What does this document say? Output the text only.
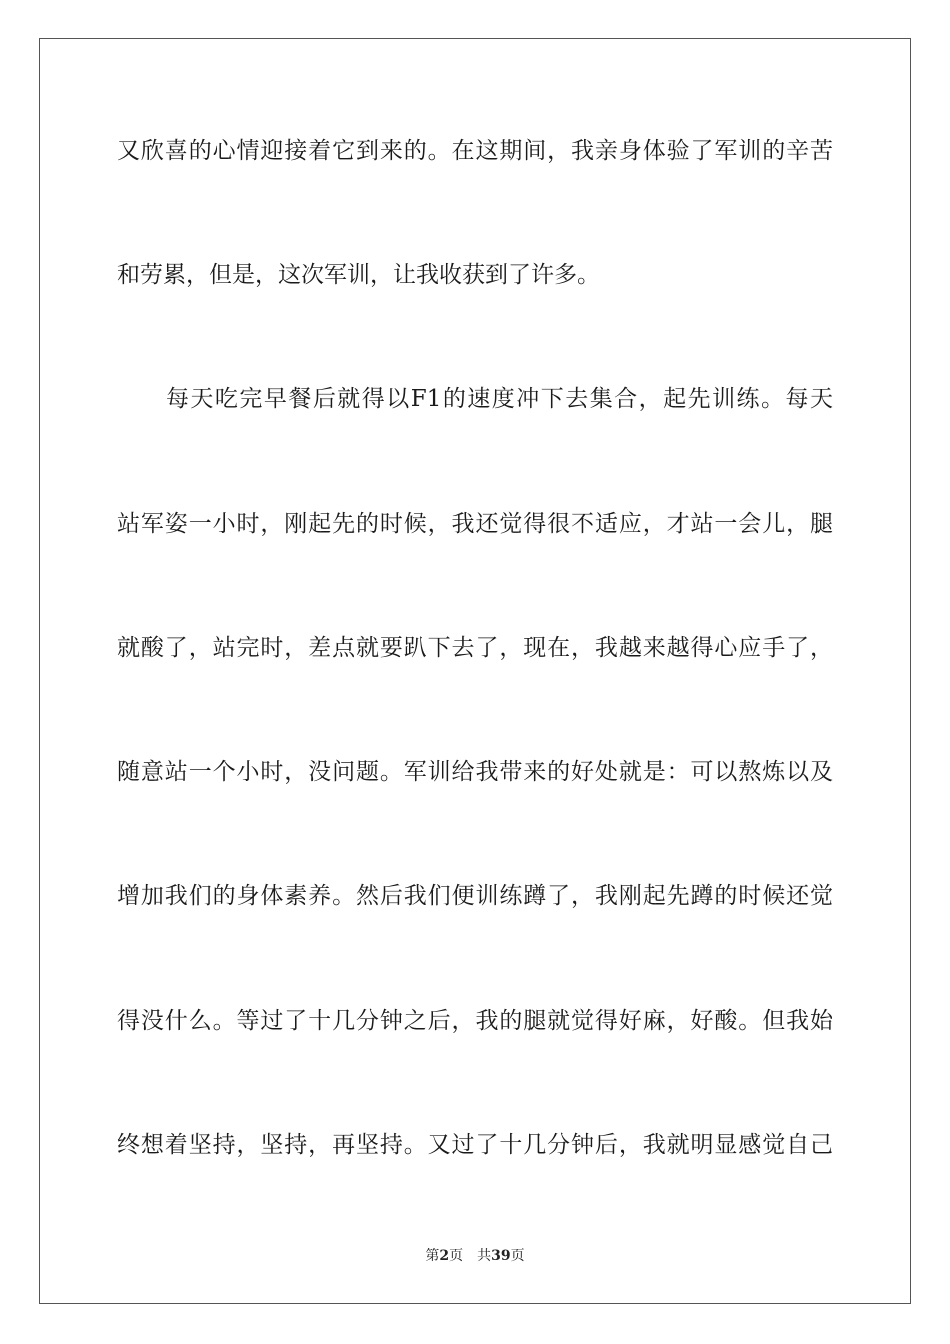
又欣喜的心情迎接着它到来的。在这期间，我亲身体验了军训的辛苦
和劳累，但是，这次军训，让我收获到了许多。
　　每天吃完早餐后就得以F1的速度冲下去集合，起先训练。每天
站军姿一小时，刚起先的时候，我还觉得很不适应，才站一会儿，腿
就酸了，站完时，差点就要趴下去了，现在，我越来越得心应手了，
随意站一个小时，没问题。军训给我带来的好处就是：可以熬炼以及
增加我们的身体素养。然后我们便训练蹲了，我刚起先蹲的时候还觉
得没什么。等过了十几分钟之后，我的腿就觉得好麻，好酸。但我始
终想着坚持，坚持，再坚持。又过了十几分钟后，我就明显感觉自己
第2页 共39页
